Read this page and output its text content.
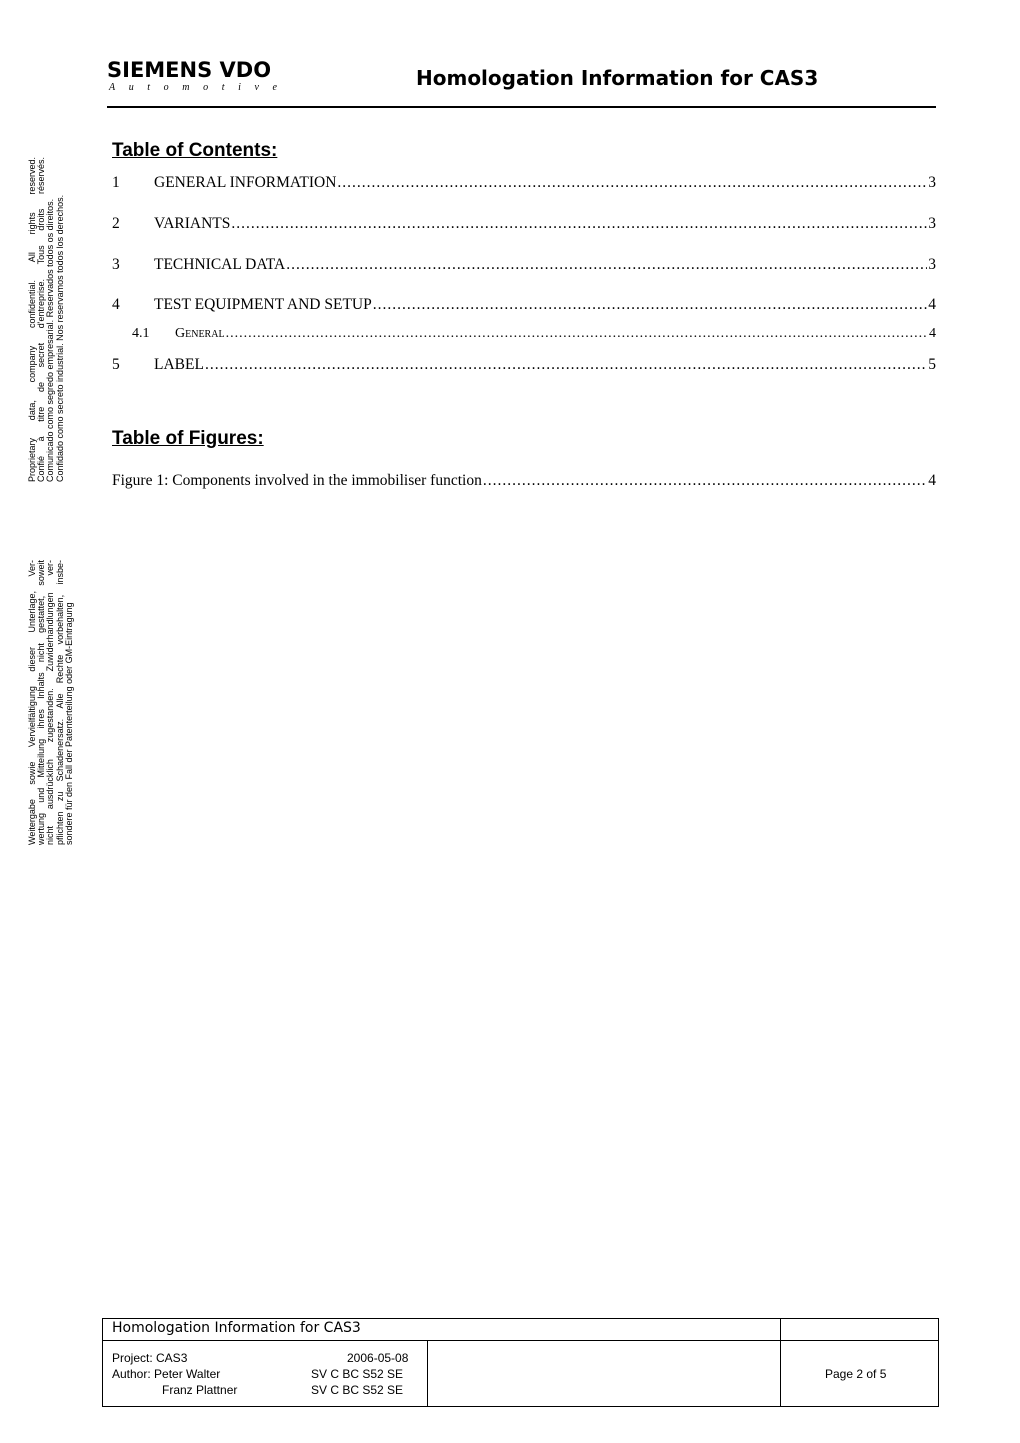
SIEMENS VDO
Automotive	Homologation Information for CAS3
Proprietary
data,
company
confidential.
All
rights
reserved.
Confié
à
titre
de
secret
d'entreprise.
Tous
droits
réservés.
Comunicado como segredo empresarial. Reservados todos os direitos. Confidado como secreto industrial. Nos reservamos todos los derechos.
Weitergabe
sowie
Vervielfältigung
dieser
Unterlage,
Ver-
wertung
und
Mitteilung
ihres
Inhalts
nicht
gestattet,
soweit
nicht
ausdrücklich
zugestanden.
Zuwiderhandlungen
ver-
pflichten
zu
Schadenersatz.
Alle
Rechte
vorbehalten,
insbe-
sondere für den Fall der Patenterteilung oder GM-Eintragung
Table of Contents:
1	GENERAL INFORMATION .....	3
2	VARIANTS .....	3
3	TECHNICAL DATA .....	3
4	TEST EQUIPMENT AND SETUP .....	4
4.1	General .....	4
5	LABEL .....	5
Table of Figures:
Figure 1: Components involved in the immobiliser function .....	4
Homologation Information for CAS3
Project: CAS3	2006-05-08
Author: Peter Walter	SV C BC S52 SE
Franz Plattner	SV C BC S52 SE
Page 2 of 5
